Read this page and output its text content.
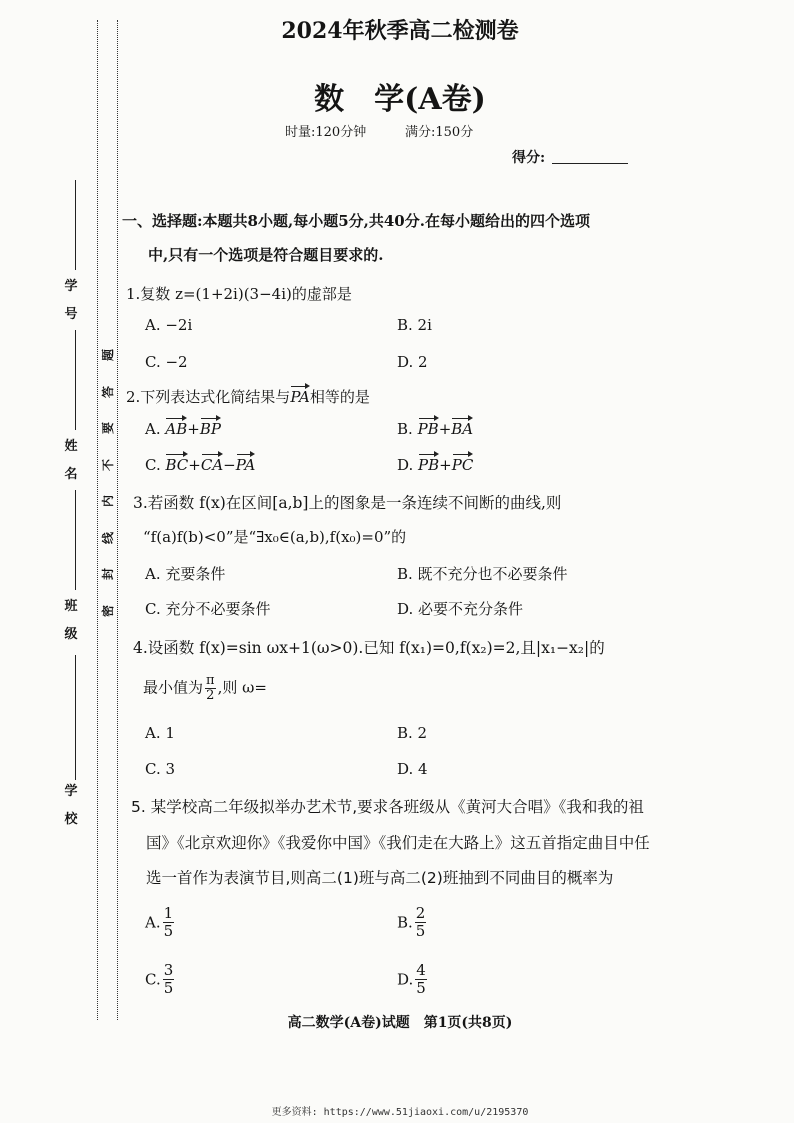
学

号
姓

名
班

级
学

校
题
答
要
不
内
线
封
密
2024年秋季高二检测卷
数　学(A卷)
时量:120分钟	满分:150分
得分:
一、选择题:本题共8小题,每小题5分,共40分.在每小题给出的四个选项
中,只有一个选项是符合题目要求的.
1.复数 z=(1+2i)(3−4i)的虚部是
A. −2i	B. 2i
C. −2	D. 2
2.下列表达式化简结果与PA相等的是
A. AB+BP	B. PB+BA
C. BC+CA−PA	D. PB+PC
3.若函数 f(x)在区间[a,b]上的图象是一条连续不间断的曲线,则
“f(a)f(b)<0”是“∃x₀∈(a,b),f(x₀)=0”的
A. 充要条件	B. 既不充分也不必要条件
C. 充分不必要条件	D. 必要不充分条件
4.设函数 f(x)=sin ωx+1(ω>0).已知 f(x₁)=0,f(x₂)=2,且|x₁−x₂|的
最小值为 $\frac{\pi}{2}$ ,则 ω=
A. 1	B. 2
C. 3	D. 4
5. 某学校高二年级拟举办艺术节,要求各班级从《黄河大合唱》《我和我的祖
国》《北京欢迎你》《我爱你中国》《我们走在大路上》这五首指定曲目中任
选一首作为表演节目,则高二(1)班与高二(2)班抽到不同曲目的概率为
A. $\frac{1}{5}$	B. $\frac{2}{5}$
C. $\frac{3}{5}$	D. $\frac{4}{5}$
高二数学(A卷)试题　第1页(共8页)
更多资料: https://www.51jiaoxi.com/u/2195370
